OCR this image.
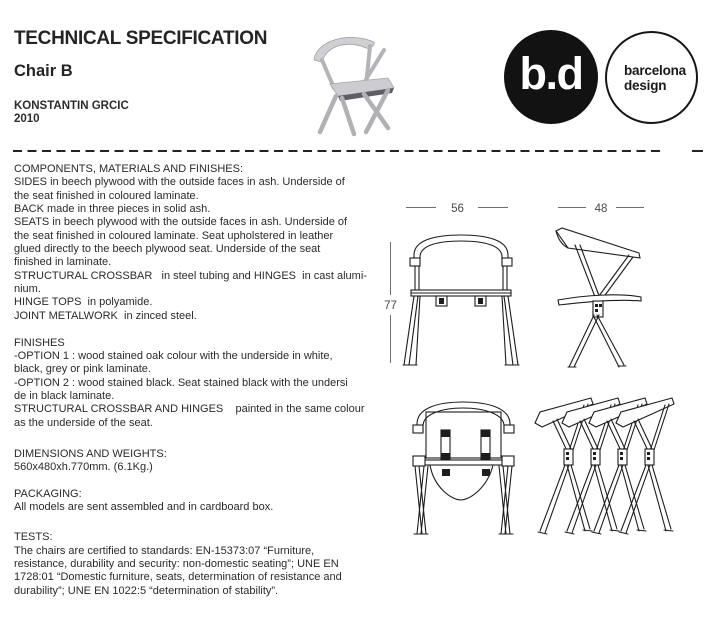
TECHNICAL SPECIFICATION
Chair B
KONSTANTIN GRCIC
2010
b.d	barcelona
design
COMPONENTS, MATERIALS AND FINISHES:
SIDES in beech plywood with the outside faces in ash. Underside of
the seat finished in coloured laminate.
BACK made in three pieces in solid ash.
SEATS in beech plywood with the outside faces in ash. Underside of
the seat finished in coloured laminate. Seat upholstered in leather
glued directly to the beech plywood seat. Underside of the seat
finished in laminate.
STRUCTURAL CROSSBAR   in steel tubing and HINGES  in cast alumi-
nium.
HINGE TOPS  in polyamide.
JOINT METALWORK  in zinced steel.
FINISHES
-OPTION 1 : wood stained oak colour with the underside in white,
black, grey or pink laminate.
-OPTION 2 : wood stained black. Seat stained black with the undersi
de in black laminate.
STRUCTURAL CROSSBAR AND HINGES    painted in the same colour
as the underside of the seat.
DIMENSIONS AND WEIGHTS:
560x480xh.770mm. (6.1Kg.)
PACKAGING:
All models are sent assembled and in cardboard box.
TESTS:
The chairs are certified to standards: EN-15373:07 “Furniture,
resistance, durability and security: non-domestic seating”; UNE EN
1728:01 “Domestic furniture, seats, determination of resistance and
durability”; UNE EN 1022:5 “determination of stability”.
56
77
48
